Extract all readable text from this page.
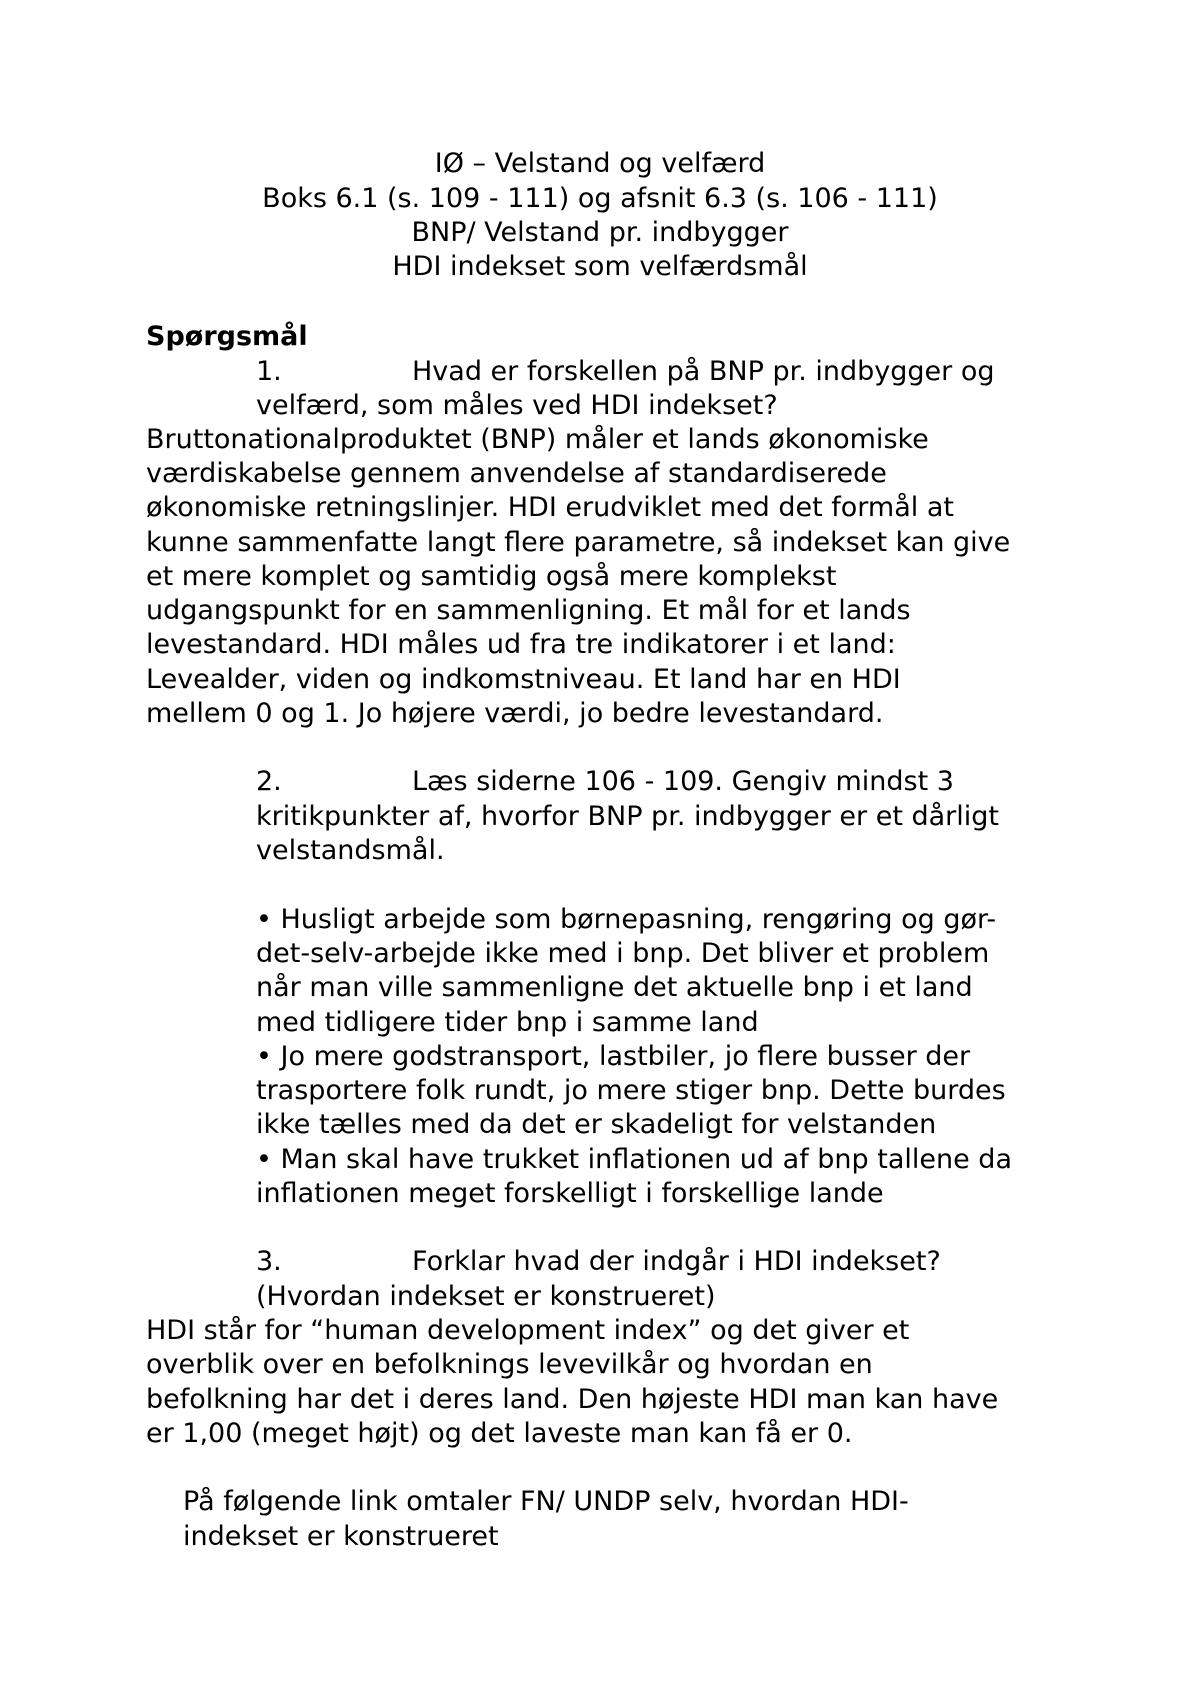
IØ – Velstand og velfærd
Boks 6.1 (s. 109 - 111) og afsnit 6.3 (s. 106 - 111)
BNP/ Velstand pr. indbygger
HDI indekset som velfærdsmål
Spørgsmål
1.	Hvad er forskellen på BNP pr. indbygger og
velfærd, som måles ved HDI indekset?
Bruttonationalproduktet (BNP) måler et lands økonomiske
værdiskabelse gennem anvendelse af standardiserede
økonomiske retningslinjer. HDI erudviklet med det formål at
kunne sammenfatte langt flere parametre, så indekset kan give
et mere komplet og samtidig også mere komplekst
udgangspunkt for en sammenligning. Et mål for et lands
levestandard. HDI måles ud fra tre indikatorer i et land:
Levealder, viden og indkomstniveau. Et land har en HDI
mellem 0 og 1. Jo højere værdi, jo bedre levestandard.
2.	Læs siderne 106 - 109. Gengiv mindst 3
kritikpunkter af, hvorfor BNP pr. indbygger er et dårligt
velstandsmål.
• Husligt arbejde som børnepasning, rengøring og gør-
det-selv-arbejde ikke med i bnp. Det bliver et problem
når man ville sammenligne det aktuelle bnp i et land
med tidligere tider bnp i samme land
• Jo mere godstransport, lastbiler, jo flere busser der
trasportere folk rundt, jo mere stiger bnp. Dette burdes
ikke tælles med da det er skadeligt for velstanden
• Man skal have trukket inflationen ud af bnp tallene da
inflationen meget forskelligt i forskellige lande
3.	Forklar hvad der indgår i HDI indekset?
(Hvordan indekset er konstrueret)
HDI står for “human development index” og det giver et
overblik over en befolknings levevilkår og hvordan en
befolkning har det i deres land. Den højeste HDI man kan have
er 1,00 (meget højt) og det laveste man kan få er 0.
På følgende link omtaler FN/ UNDP selv, hvordan HDI-
indekset er konstrueret
